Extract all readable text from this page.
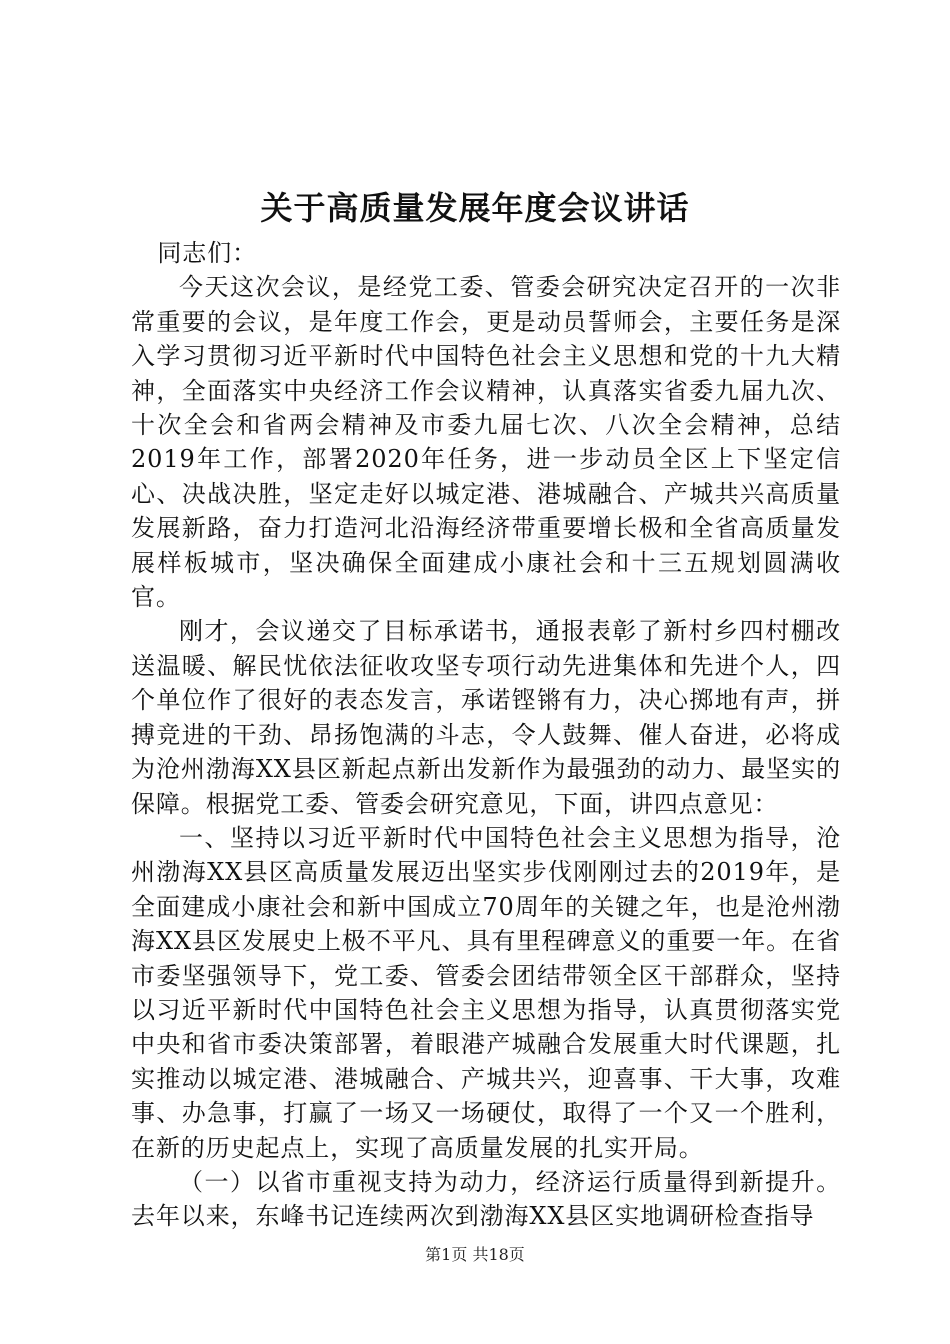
关于高质量发展年度会议讲话

同志们：

今天这次会议，是经党工委、管委会研究决定召开的一次非常重要的会议，是年度工作会，更是动员誓师会，主要任务是深入学习贯彻习近平新时代中国特色社会主义思想和党的十九大精神，全面落实中央经济工作会议精神，认真落实省委九届九次、十次全会和省两会精神及市委九届七次、八次全会精神，总结2019年工作，部署2020年任务，进一步动员全区上下坚定信心、决战决胜，坚定走好以城定港、港城融合、产城共兴高质量发展新路，奋力打造河北沿海经济带重要增长极和全省高质量发展样板城市，坚决确保全面建成小康社会和十三五规划圆满收官。

刚才，会议递交了目标承诺书，通报表彰了新村乡四村棚改送温暖、解民忧依法征收攻坚专项行动先进集体和先进个人，四个单位作了很好的表态发言，承诺铿锵有力，决心掷地有声，拼搏竞进的干劲、昂扬饱满的斗志，令人鼓舞、催人奋进，必将成为沧州渤海XX县区新起点新出发新作为最强劲的动力、最坚实的保障。根据党工委、管委会研究意见，下面，讲四点意见：

一、坚持以习近平新时代中国特色社会主义思想为指导，沧州渤海XX县区高质量发展迈出坚实步伐刚刚过去的2019年，是全面建成小康社会和新中国成立70周年的关键之年，也是沧州渤海XX县区发展史上极不平凡、具有里程碑意义的重要一年。在省市委坚强领导下，党工委、管委会团结带领全区干部群众，坚持以习近平新时代中国特色社会主义思想为指导，认真贯彻落实党中央和省市委决策部署，着眼港产城融合发展重大时代课题，扎实推动以城定港、港城融合、产城共兴，迎喜事、干大事，攻难事、办急事，打赢了一场又一场硬仗，取得了一个又一个胜利，在新的历史起点上，实现了高质量发展的扎实开局。

（一）以省市重视支持为动力，经济运行质量得到新提升。去年以来，东峰书记连续两次到渤海XX县区实地调研检查指导

第1页 共18页
